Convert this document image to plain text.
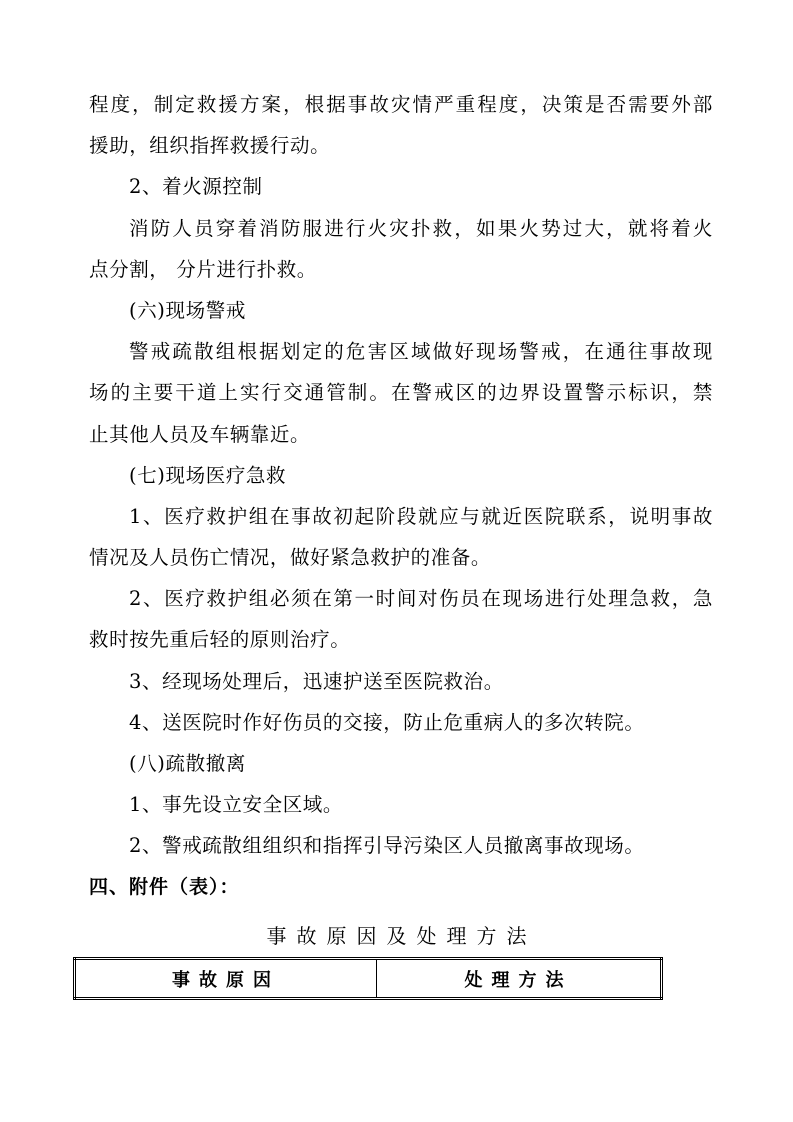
程度，制定救援方案，根据事故灾情严重程度，决策是否需要外部
援助，组织指挥救援行动。
2、着火源控制
消防人员穿着消防服进行火灾扑救，如果火势过大，就将着火
点分割， 分片进行扑救。
(六)现场警戒
警戒疏散组根据划定的危害区域做好现场警戒，在通往事故现
场的主要干道上实行交通管制。在警戒区的边界设置警示标识，禁
止其他人员及车辆靠近。
(七)现场医疗急救
1、医疗救护组在事故初起阶段就应与就近医院联系，说明事故
情况及人员伤亡情况，做好紧急救护的准备。
2、医疗救护组必须在第一时间对伤员在现场进行处理急救，急
救时按先重后轻的原则治疗。
3、经现场处理后，迅速护送至医院救治。
4、送医院时作好伤员的交接，防止危重病人的多次转院。
(八)疏散撤离
1、事先设立安全区域。
2、警戒疏散组组织和指挥引导污染区人员撤离事故现场。
四、附件（表）：
事故原因及处理方法
事故原因	处理方法
